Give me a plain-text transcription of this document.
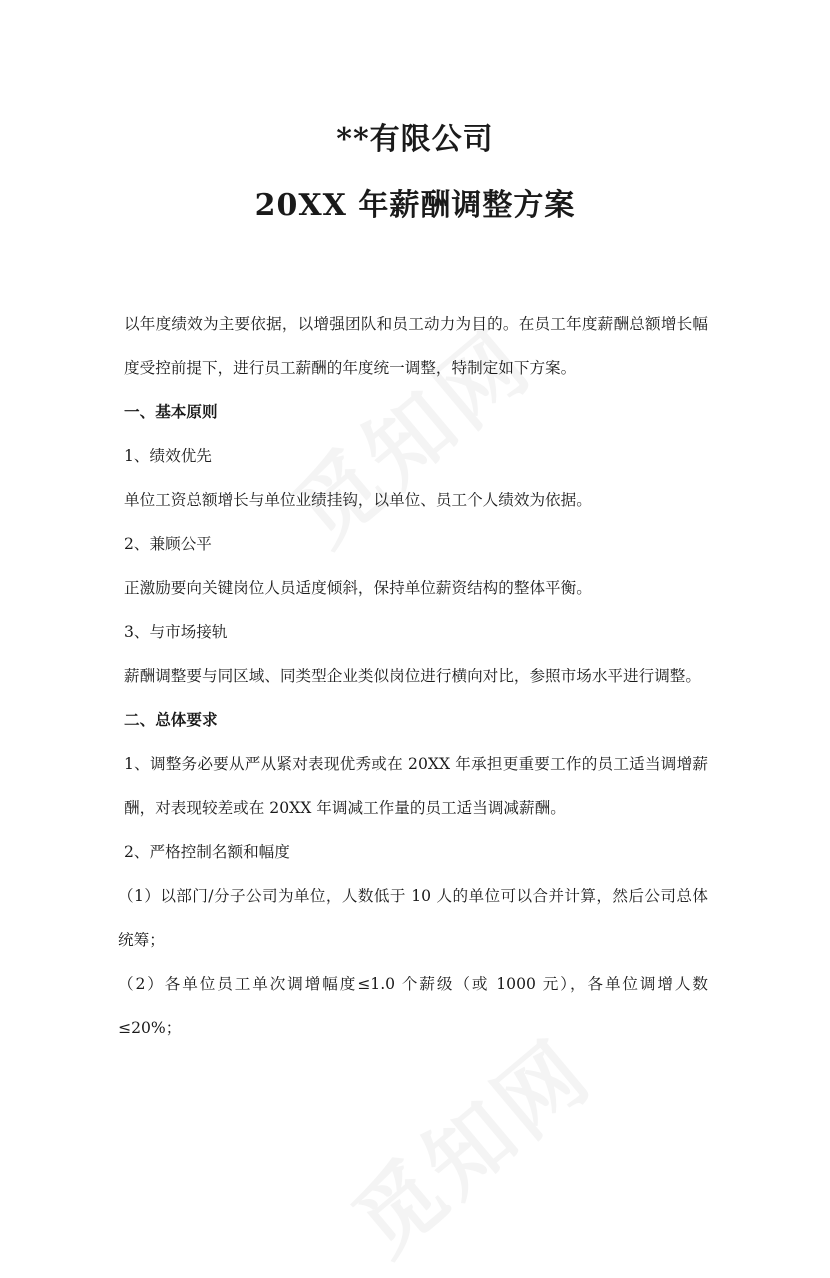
**有限公司
20XX 年薪酬调整方案

以年度绩效为主要依据，以增强团队和员工动力为目的。在员工年度薪酬总额增长幅度受控前提下，进行员工薪酬的年度统一调整，特制定如下方案。

一、基本原则

1、绩效优先

单位工资总额增长与单位业绩挂钩，以单位、员工个人绩效为依据。

2、兼顾公平

正激励要向关键岗位人员适度倾斜，保持单位薪资结构的整体平衡。

3、与市场接轨

薪酬调整要与同区域、同类型企业类似岗位进行横向对比，参照市场水平进行调整。

二、总体要求

1、调整务必要从严从紧对表现优秀或在 20XX 年承担更重要工作的员工适当调增薪酬，对表现较差或在 20XX 年调减工作量的员工适当调减薪酬。

2、严格控制名额和幅度

（1）以部门/分子公司为单位，人数低于 10 人的单位可以合并计算，然后公司总体统筹；

（2）各单位员工单次调增幅度≤1.0 个薪级（或 1000 元），各单位调增人数≤20%；
